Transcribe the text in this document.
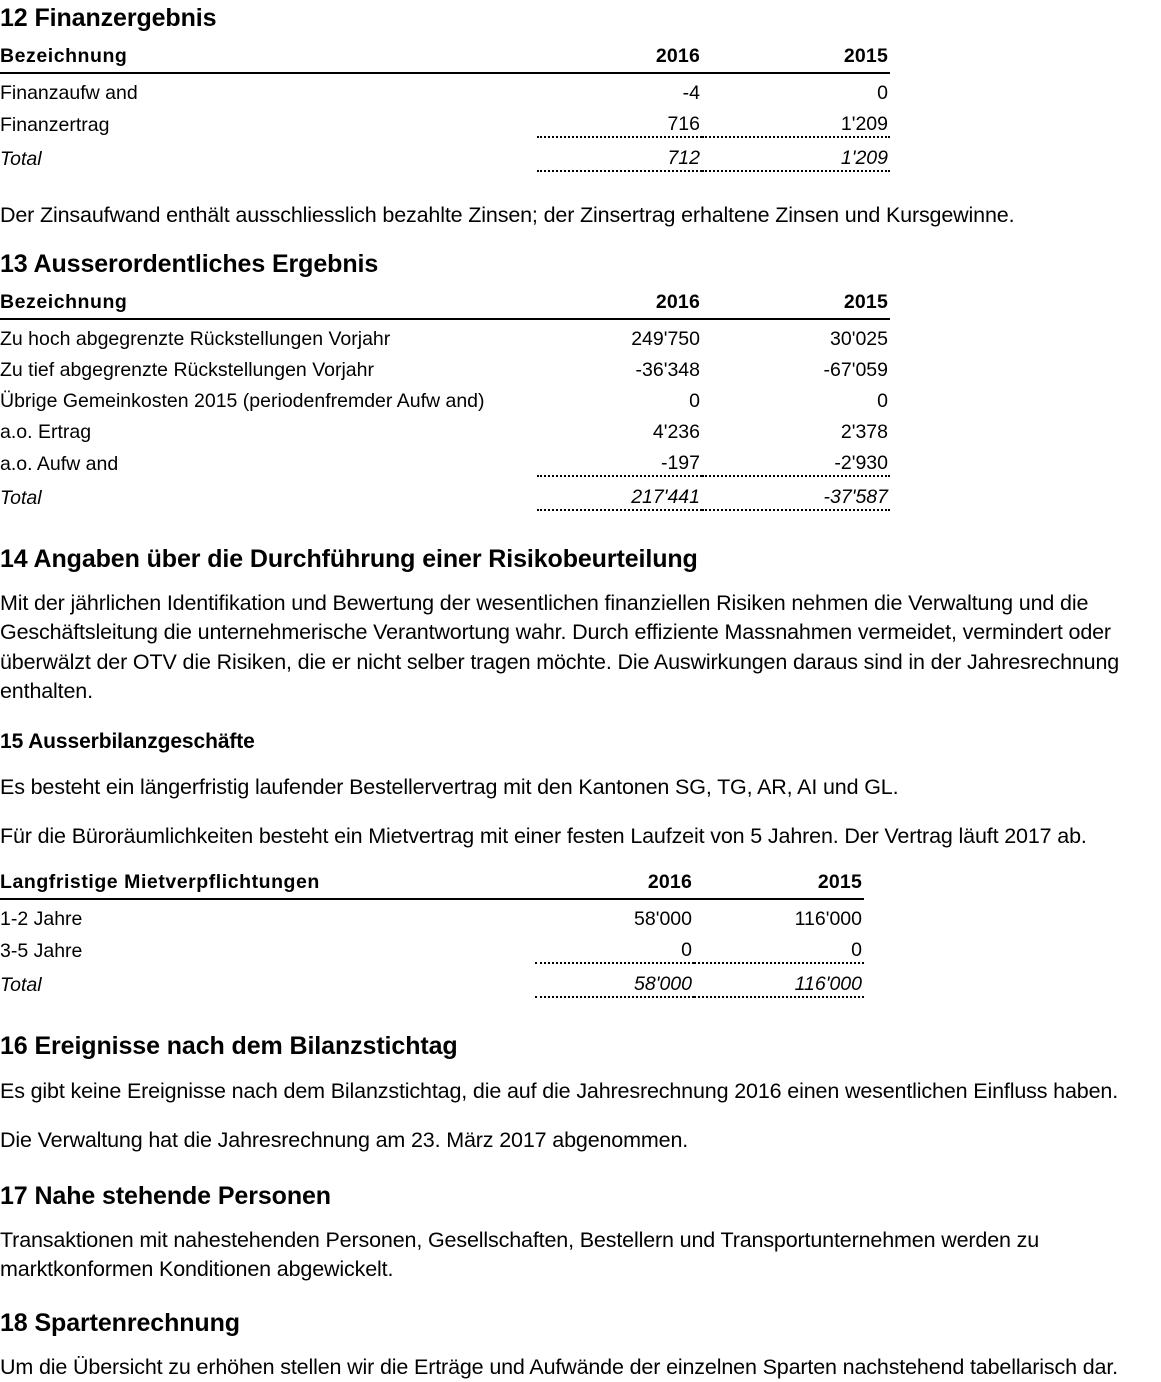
12 Finanzergebnis
Bezeichnung	2016	2015
Finanzaufw and	-4	0
Finanzertrag	716	1'209
Total	712	1'209

Der Zinsaufwand enthält ausschliesslich bezahlte Zinsen; der Zinsertrag erhaltene Zinsen und Kursgewinne.

13 Ausserordentliches Ergebnis
Bezeichnung	2016	2015
Zu hoch abgegrenzte Rückstellungen Vorjahr	249'750	30'025
Zu tief abgegrenzte Rückstellungen Vorjahr	-36'348	-67'059
Übrige Gemeinkosten 2015 (periodenfremder Aufw and)	0	0
a.o. Ertrag	4'236	2'378
a.o. Aufw and	-197	-2'930
Total	217'441	-37'587

14 Angaben über die Durchführung einer Risikobeurteilung

Mit der jährlichen Identifikation und Bewertung der wesentlichen finanziellen Risiken nehmen die Verwaltung und die Geschäftsleitung die unternehmerische Verantwortung wahr. Durch effiziente Massnahmen vermeidet, vermindert oder überwälzt der OTV die Risiken, die er nicht selber tragen möchte. Die Auswirkungen daraus sind in der Jahresrechnung enthalten.

15 Ausserbilanzgeschäfte

Es besteht ein längerfristig laufender Bestellervertrag mit den Kantonen SG, TG, AR, AI und GL.

Für die Büroräumlichkeiten besteht ein Mietvertrag mit einer festen Laufzeit von 5 Jahren. Der Vertrag läuft 2017 ab.

Langfristige Mietverpflichtungen	2016	2015
1-2 Jahre	58'000	116'000
3-5 Jahre	0	0
Total	58'000	116'000

16 Ereignisse nach dem Bilanzstichtag

Es gibt keine Ereignisse nach dem Bilanzstichtag, die auf die Jahresrechnung 2016 einen wesentlichen Einfluss haben.

Die Verwaltung hat die Jahresrechnung am 23. März 2017 abgenommen.

17 Nahe stehende Personen

Transaktionen mit nahestehenden Personen, Gesellschaften, Bestellern und Transportunternehmen werden zu marktkonformen Konditionen abgewickelt.

18 Spartenrechnung

Um die Übersicht zu erhöhen stellen wir die Erträge und Aufwände der einzelnen Sparten nachstehend tabellarisch dar.
